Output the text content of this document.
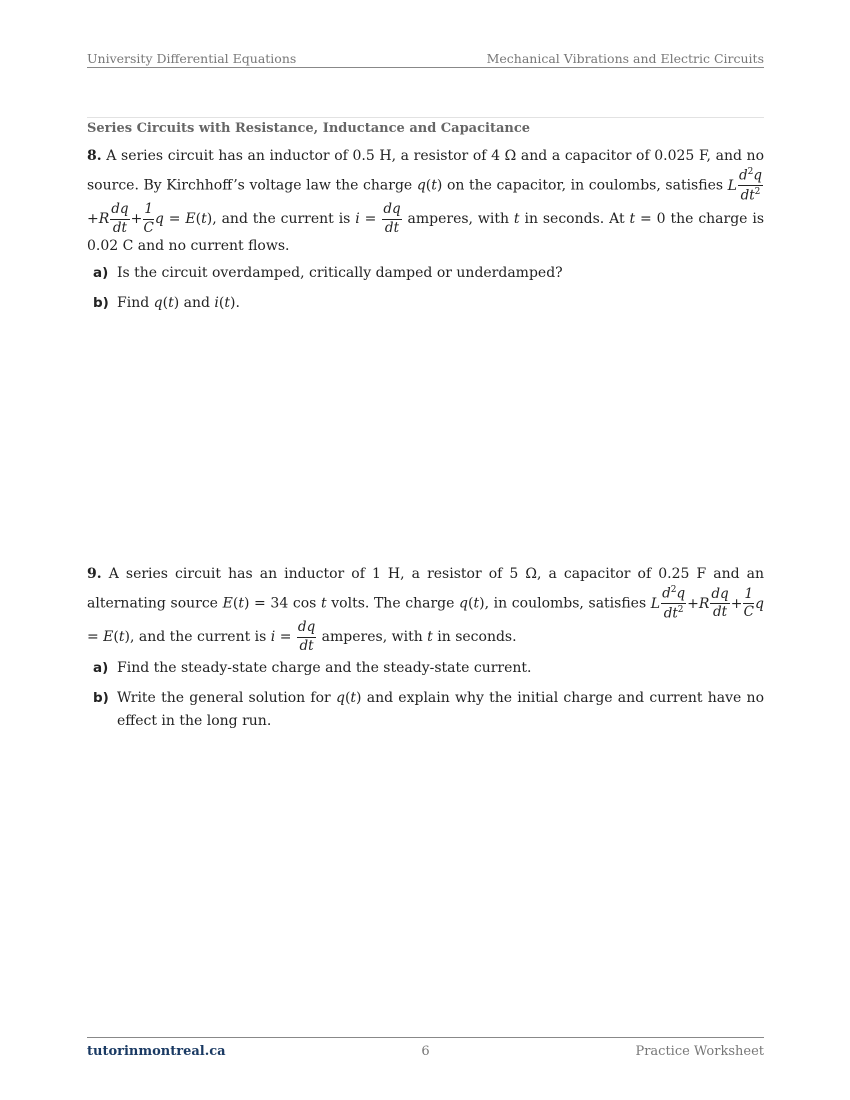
University Differential Equations	Mechanical Vibrations and Electric Circuits
Series Circuits with Resistance, Inductance and Capacitance
8. A series circuit has an inductor of 0.5 H, a resistor of 4 Ω and a capacitor of 0.025 F, and no source. By Kirchhoff’s voltage law the charge q(t) on the capacitor, in coulombs, satisfies L $\frac{d^2q}{dt^2}$
$+R \frac{dq}{dt} + \frac{1}{C}$ q = E(t), and the current is $i = \frac{dq}{dt}$ amperes, with t in seconds. At t = 0 the charge is 0.02 C and no current flows.
a) Is the circuit overdamped, critically damped or underdamped?
b) Find q(t) and i(t).
9. A series circuit has an inductor of 1 H, a resistor of 5 Ω, a capacitor of 0.25 F and an alternating source E(t) = 34 cos t volts. The charge q(t), in coulombs, satisfies L $\frac{d^2q}{dt^2} +R \frac{dq}{dt} + \frac{1}{C}$ q = E(t), and the current is $i = \frac{dq}{dt}$ amperes, with t in seconds.
a) Find the steady-state charge and the steady-state current.
b) Write the general solution for q(t) and explain why the initial charge and current have no effect in the long run.
tutorinmontreal.ca	6	Practice Worksheet
